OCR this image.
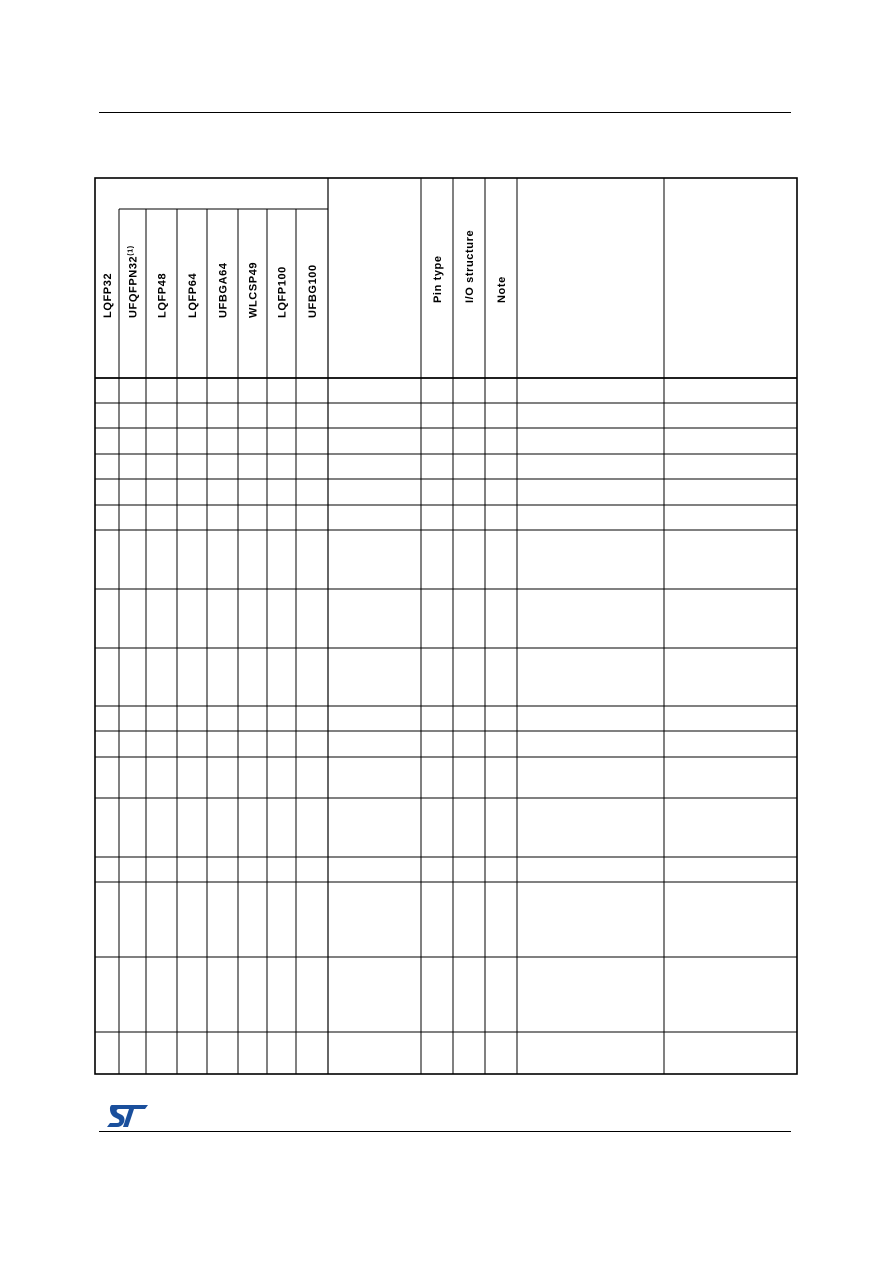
LQFP32 UFQFPN32$^{(1)}$
LQFP48 LQFP64 UFBGA64 WLCSP49 LQFP100 UFBG100	Pin type I/O structure Note
